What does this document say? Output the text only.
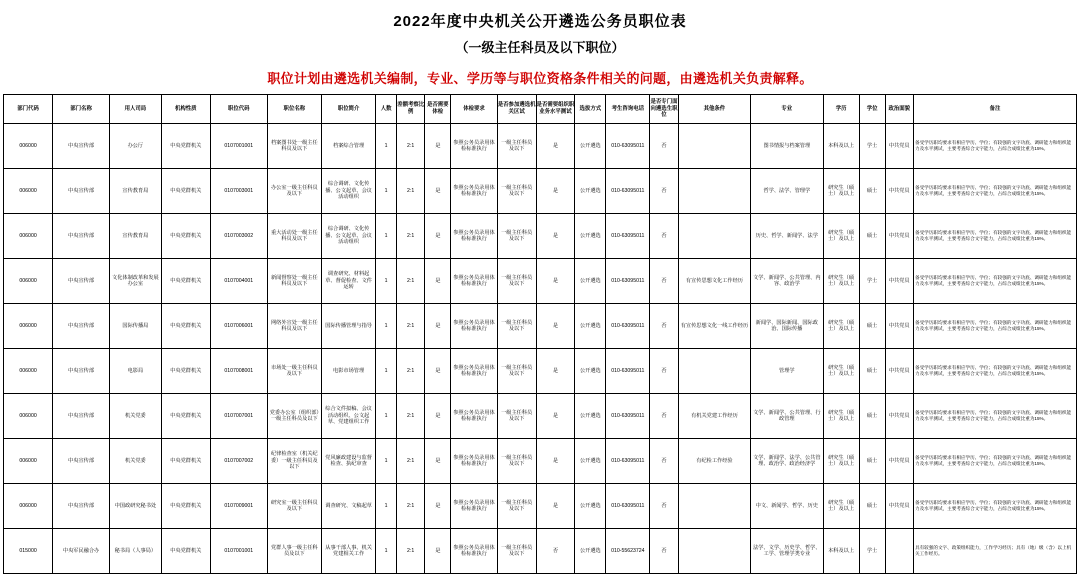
2022年度中央机关公开遴选公务员职位表
（一级主任科员及以下职位）
职位计划由遴选机关编制，专业、学历等与职位资格条件相关的问题，由遴选机关负责解释。
部门代码	部门名称	用人司局	机构性质	职位代码	职位名称	职位简介	人数	差额考察比例	是否需要体检	体检要求	是否参加遴选机关区试	是否需要组织职业务水平测试	选拔方式	考生咨询电话	是否专门面向遴选生职位	其他条件	专业	学历	学位	政治面貌	备注
006000	中央宣传部	办公厅	中央党群机关	0107001001	档案图书处一级主任科员及以下	档案综合管理	1	2:1	是	参照公务员录用体检标准执行	一级主任科员及以下	是	公开遴选	010-63095011	否		图书情报与档案管理	本科及以上	学士	中共党员	备受学历职均要求有相应学历、学位；有较强的文字功底、调研能力和组织能力及水平测试，主要考查综合文字能力，占综合成绩比重为15%。
006000	中央宣传部	宣传教育局	中央党群机关	0107003001	办公室一级主任科员及以下	综合调研、文化传播、公文起草、会议活动组织	1	2:1	是	参照公务员录用体检标准执行	一级主任科员及以下	是	公开遴选	010-63095011	否		哲学、法学、管理学	研究生（硕士）及以上	硕士	中共党员	备受学历职均要求有相应学历、学位；有较强的文字功底、调研能力和组织能力及水平测试，主要考查综合文字能力，占综合成绩比重为15%。
006000	中央宣传部	宣传教育局	中央党群机关	0107003002	重大活动处一级主任科员及以下	综合调研、文化传播、公文起草、会议活动组织	1	2:1	是	参照公务员录用体检标准执行	一级主任科员及以下	是	公开遴选	010-63095011	否		历史、哲学、新闻学、法学	研究生（硕士）及以上	硕士	中共党员	备受学历职均要求有相应学历、学位；有较强的文字功底、调研能力和组织能力及水平测试，主要考查综合文字能力，占综合成绩比重为15%。
006000	中央宣传部	文化体制改革和发展办公室	中央党群机关	0107004001	新闻督察处一级主任科员及以下	调查研究、材料起草、督促检查、文件运转	1	2:1	是	参照公务员录用体检标准执行	一级主任科员及以下	是	公开遴选	010-63095011	否	有宣传思想文化工作经历	文学、新闻学、公共管理、内容、政治学	研究生（硕士）及以上	学士	中共党员	备受学历职均要求有相应学历、学位；有较强的文字功底、调研能力和组织能力及水平测试，主要考查综合文字能力，占综合成绩比重为15%。
006000	中央宣传部	国际传播局	中央党群机关	0107006001	网络外宣处一级主任科员及以下	国际传播管理与指导	1	2:1	是	参照公务员录用体检标准执行	一级主任科员及以下	是	公开遴选	010-63095011	否	有宣传思想文化一线工作经历	新闻学、国际新闻、国际政治、国际传播	研究生（硕士）及以上	硕士	中共党员	备受学历职均要求有相应学历、学位；有较强的文字功底、调研能力和组织能力及水平测试，主要考查综合文字能力，占综合成绩比重为15%。
006000	中央宣传部	电影局	中央党群机关	0107008001	市场处一级主任科员及以下	电影市场管理	1	2:1	是	参照公务员录用体检标准执行	一级主任科员及以下	是	公开遴选	010-63095011	否		管理学	研究生（硕士）及以上	硕士	中共党员	备受学历职均要求有相应学历、学位；有较强的文字功底、调研能力和组织能力及水平测试，主要考查综合文字能力，占综合成绩比重为15%。
006000	中央宣传部	机关党委	中央党群机关	0107007001	党委办公室（组织部）一级主任科员及以下	综合文件拟稿、会议活动组织、公文起草、党建组织工作	1	2:1	是	参照公务员录用体检标准执行	一级主任科员及以下	是	公开遴选	010-63095011	否	有机关党建工作经历	文学、新闻学、公共管理、行政管理	研究生（硕士）及以上	硕士	中共党员	备受学历职均要求有相应学历、学位；有较强的文字功底、调研能力和组织能力及水平测试，主要考查综合文字能力，占综合成绩比重为15%。
006000	中央宣传部	机关党委	中央党群机关	0107007002	纪律检查室（机关纪委）一级主任科员及以下	党风廉政建设与监督检查、执纪审查	1	2:1	是	参照公务员录用体检标准执行	一级主任科员及以下	是	公开遴选	010-63095011	否	有纪检工作经验	文学、新闻学、法学、公共管理、政治学、政治经济学	研究生（硕士）及以上	硕士	中共党员	备受学历职均要求有相应学历、学位；有较强的文字功底、调研能力和组织能力及水平测试，主要考查综合文字能力，占综合成绩比重为15%。
006000	中央宣传部	中国政研究秘书处	中央党群机关	0107009001	研究室一级主任科员及以下	调查研究、文稿起草	1	2:1	是	参照公务员录用体检标准执行	一级主任科员及以下	是	公开遴选	010-63095011	否		中文、新闻学、哲学、历史	研究生（硕士）及以上	硕士	中共党员	备受学历职均要求有相应学历、学位；有较强的文字功底、调研能力和组织能力及水平测试，主要考查综合文字能力，占综合成绩比重为15%。
015000	中央军民融合办	秘书局（人事局）	中央党群机关	0107001001	党群人事一级主任科员及以下	从事干部人事、机关党建相关工作	1	2:1	是	参照公务员录用体检标准执行	一级主任科员及以下	否	公开遴选	010-55623724	否		法学、文学、历史学、哲学、工学、管理学类专业	本科及以上	学士		具有较强的文字、政策组织能力，工作学习经历；具有（地）级（含）以上机关工作经历。
